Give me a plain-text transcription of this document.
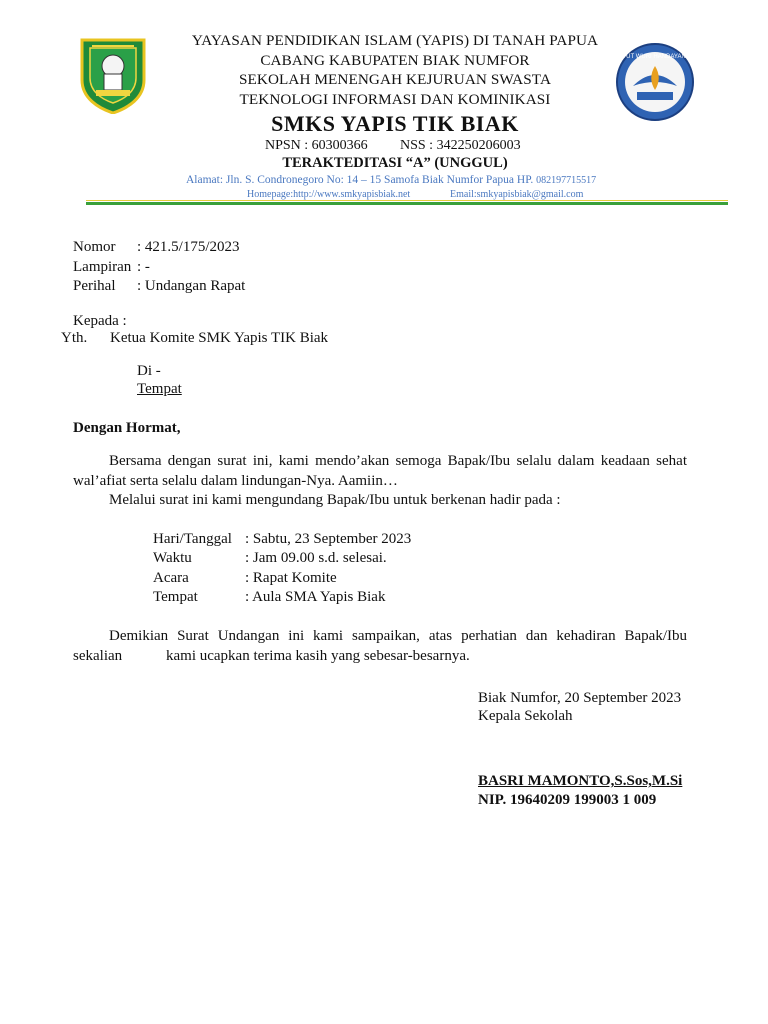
TUT WURI HANDAYANI
YAYASAN PENDIDIKAN ISLAM (YAPIS) DI TANAH PAPUA
CABANG KABUPATEN BIAK NUMFOR
SEKOLAH MENENGAH KEJURUAN SWASTA
TEKNOLOGI INFORMASI DAN KOMINIKASI
SMKS YAPIS TIK BIAK
NPSN : 60300366 NSS : 342250206003
TERAKTEDITASI “A” (UNGGUL)
Alamat: Jln. S. Condronegoro No: 14 – 15 Samofa Biak Numfor Papua HP. 082197715517
Homepage:http://www.smkyapisbiak.net	Email:smkyapisbiak@gmail.com
Nomor : 421.5/175/2023
Lampiran : -
Perihal : Undangan Rapat
Kepada :
Yth. Ketua Komite SMK Yapis TIK Biak
Di -
Tempat
Dengan Hormat,
Bersama dengan surat ini, kami mendo’akan semoga Bapak/Ibu selalu dalam keadaan sehat
wal’afiat serta selalu dalam lindungan-Nya. Aamiin…
Melalui surat ini kami mengundang Bapak/Ibu untuk berkenan hadir pada :
Hari/Tanggal : Sabtu, 23 September 2023
Waktu	: Jam 09.00 s.d. selesai.
Acara	: Rapat Komite
Tempat	: Aula SMA Yapis Biak
Demikian Surat Undangan ini kami sampaikan, atas perhatian dan kehadiran Bapak/Ibu
sekalian	kami ucapkan terima kasih yang sebesar-besarnya.
Biak Numfor, 20 September 2023
Kepala Sekolah
BASRI MAMONTO,S.Sos,M.Si
NIP. 19640209 199003 1 009
